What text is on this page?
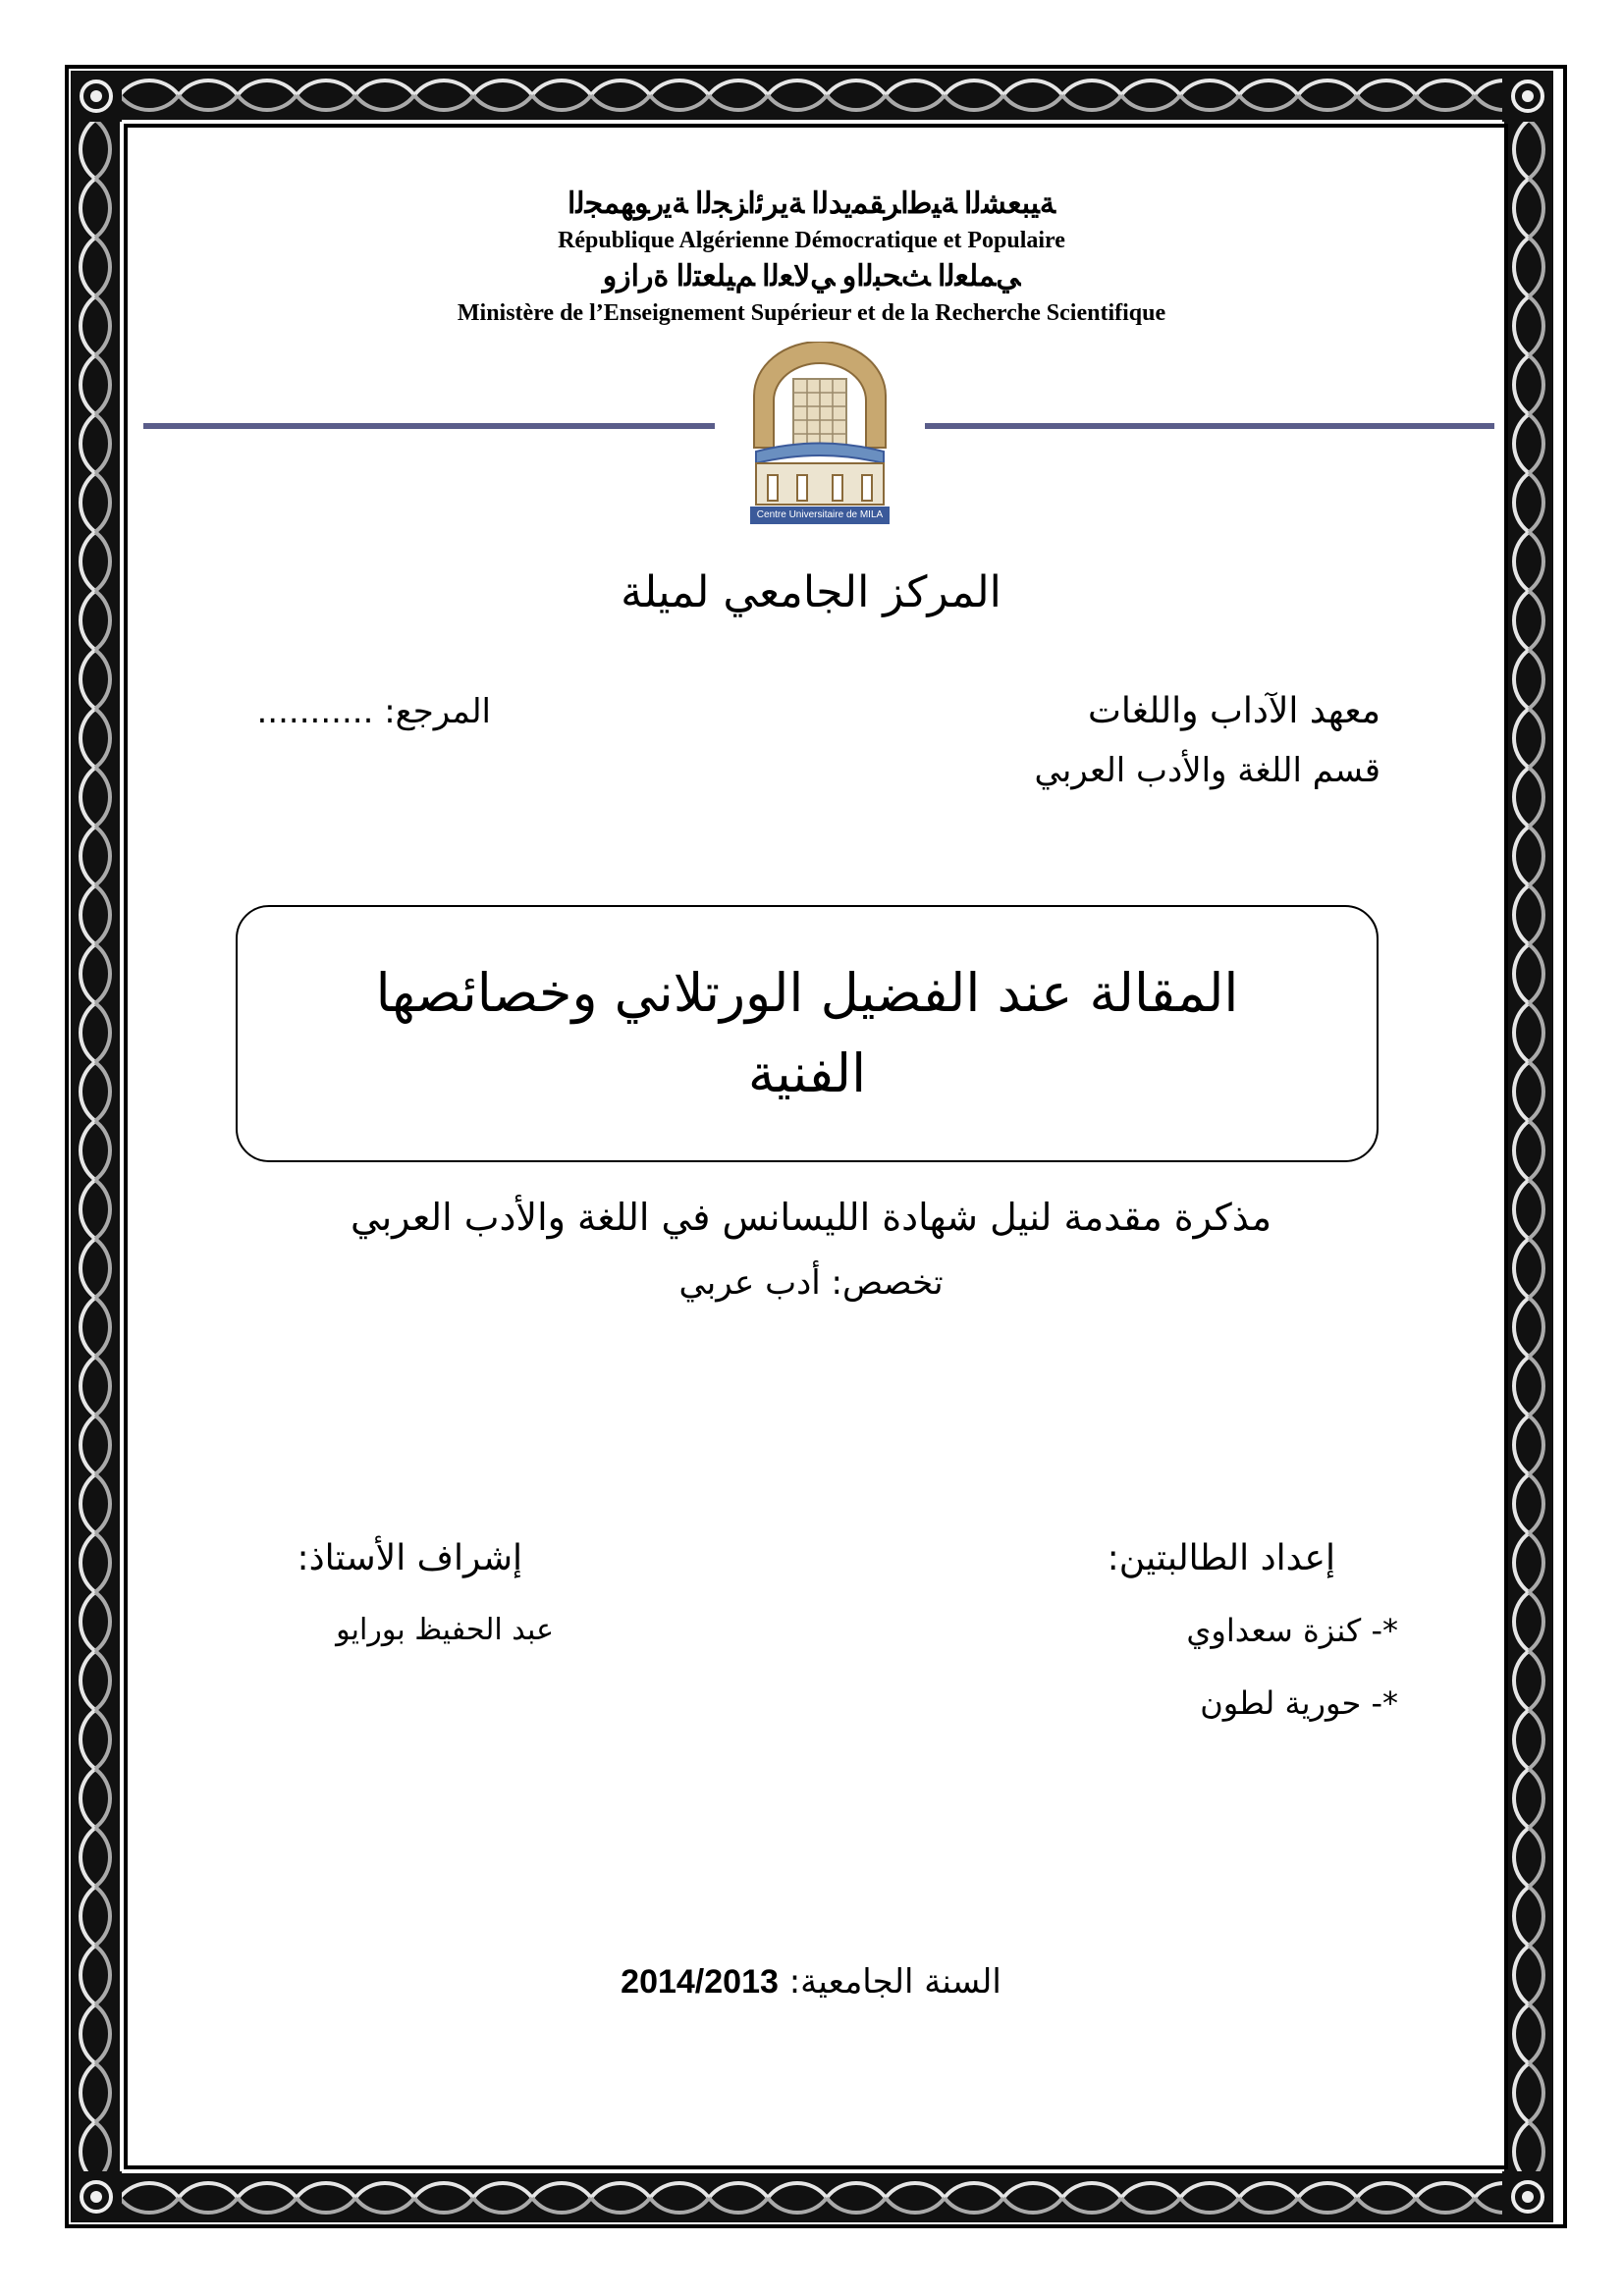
ﺔﻴﺒﻌﺸﻟﺍ ﺔﻴﻃﺍﺮﻘﻤﻳﺪﻟﺍ ﺔﻳﺮﺋﺍﺰﺠﻟﺍ ﺔﻳﺭﻮﻬﻤﺠﻟﺍ
République Algérienne Démocratique et Populaire
ﻲﻤﻠﻌﻟﺍ ﺚﺤﺒﻟﺍﻭ ﻲﻟﺎﻌﻟﺍ ﻢﻴﻠﻌﺘﻟﺍ ﺓﺭﺍﺯﻭ
Ministère de l’Enseignement Supérieur et de la Recherche Scientifique
Centre Universitaire de MILA
المركز الجامعي لميلة
معهد الآداب واللغات
قسم اللغة والأدب العربي
المرجع: ...........
المقالة عند الفضيل الورتلاني وخصائصها الفنية
مذكرة مقدمة لنيل شهادة الليسانس في اللغة والأدب العربي
تخصص: أدب عربي
إعداد الطالبتين:
*- كنزة سعداوي
*- حورية لطون
إشراف الأستاذ:
عبد الحفيظ بورايو
السنة الجامعية: 2014/2013
